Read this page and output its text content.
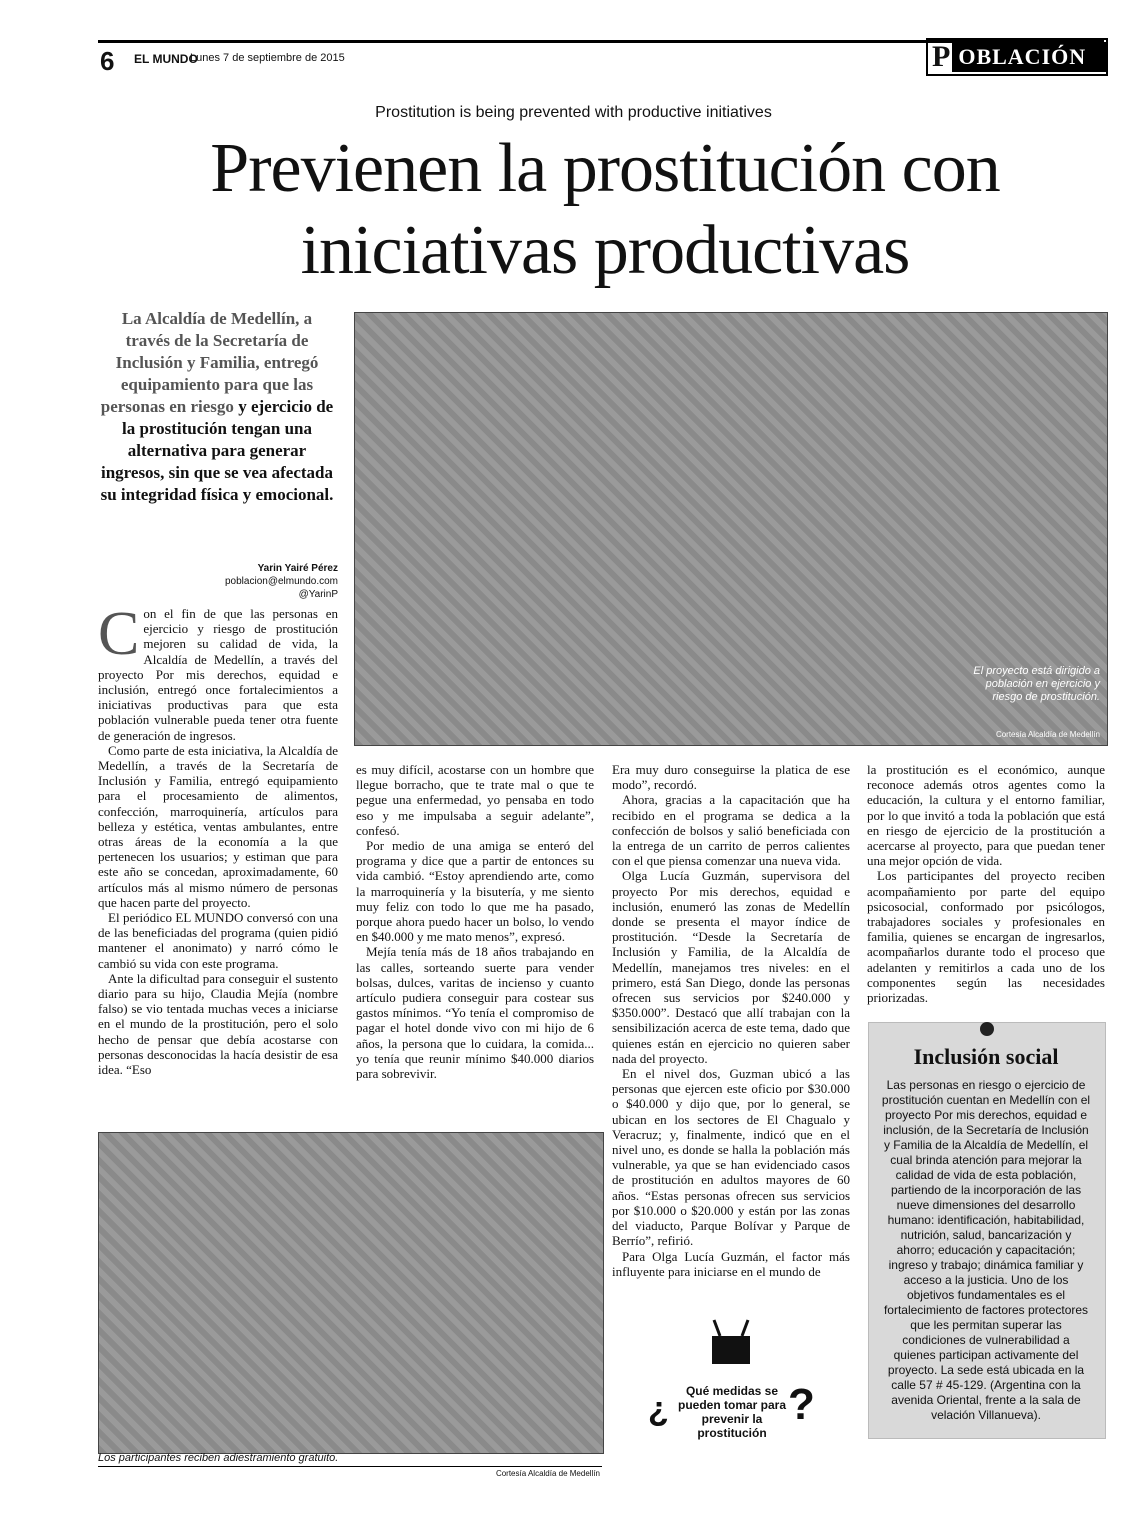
6 EL MUNDO
Lunes 7 de septiembre de 2015	P OBLACIÓN
Prostitution is being prevented with productive initiatives
Previenen la prostitución con iniciativas productivas
La Alcaldía de Medellín, a través de la Secretaría de Inclusión y Familia, entregó equipamiento para que las personas en riesgo y ejercicio de la prostitución tengan una alternativa para generar ingresos, sin que se vea afectada su integridad física y emocional.
Yarin Yairé Pérez
poblacion@elmundo.com
@YarinP
El proyecto está dirigido a población en ejercicio y riesgo de prostitución.
Cortesía Alcaldía de Medellín
C on el fin de que las personas en ejercicio y riesgo de prostitución mejoren su calidad de vida, la Alcaldía de Medellín, a través del proyecto Por mis derechos, equidad e inclusión, entregó once fortalecimientos a iniciativas productivas para que esta población vulnerable pueda tener otra fuente de generación de ingresos.

Como parte de esta iniciativa, la Alcaldía de Medellín, a través de la Secretaría de Inclusión y Familia, entregó equipamiento para el procesamiento de alimentos, confección, marroquinería, artículos para belleza y estética, ventas ambulantes, entre otras áreas de la economía a la que pertenecen los usuarios; y estiman que para este año se concedan, aproximadamente, 60 artículos más al mismo número de personas que hacen parte del proyecto.

El periódico EL MUNDO conversó con una de las beneficiadas del programa (quien pidió mantener el anonimato) y narró cómo le cambió su vida con este programa.

Ante la dificultad para conseguir el sustento diario para su hijo, Claudia Mejía (nombre falso) se vio tentada muchas veces a iniciarse en el mundo de la prostitución, pero el solo hecho de pensar que debía acostarse con personas desconocidas la hacía desistir de esa idea. “Eso

es muy difícil, acostarse con un hombre que llegue borracho, que te trate mal o que te pegue una enfermedad, yo pensaba en todo eso y me impulsaba a seguir adelante”, confesó.

Por medio de una amiga se enteró del programa y dice que a partir de entonces su vida cambió. “Estoy aprendiendo arte, como la marroquinería y la bisutería, y me siento muy feliz con todo lo que me ha pasado, porque ahora puedo hacer un bolso, lo vendo en $40.000 y me mato menos”, expresó.

Mejía tenía más de 18 años trabajando en las calles, sorteando suerte para vender bolsas, dulces, varitas de incienso y cuanto artículo pudiera conseguir para costear sus gastos mínimos. “Yo tenía el compromiso de pagar el hotel donde vivo con mi hijo de 6 años, la persona que lo cuidara, la comida... yo tenía que reunir mínimo $40.000 diarios para sobrevivir.

Era muy duro conseguirse la platica de ese modo”, recordó.

Ahora, gracias a la capacitación que ha recibido en el programa se dedica a la confección de bolsos y salió beneficiada con la entrega de un carrito de perros calientes con el que piensa comenzar una nueva vida.

Olga Lucía Guzmán, supervisora del proyecto Por mis derechos, equidad e inclusión, enumeró las zonas de Medellín donde se presenta el mayor índice de prostitución. “Desde la Secretaría de Inclusión y Familia, de la Alcaldía de Medellín, manejamos tres niveles: en el primero, está San Diego, donde las personas ofrecen sus servicios por $240.000 y $350.000”. Destacó que allí trabajan con la sensibilización acerca de este tema, dado que quienes están en ejercicio no quieren saber nada del proyecto.

En el nivel dos, Guzman ubicó a las personas que ejercen este oficio por $30.000 o $40.000 y dijo que, por lo general, se ubican en los sectores de El Chagualo y Veracruz; y, finalmente, indicó que en el nivel uno, es donde se halla la población más vulnerable, ya que se han evidenciado casos de prostitución en adultos mayores de 60 años. “Estas personas ofrecen sus servicios por $10.000 o $20.000 y están por las zonas del viaducto, Parque Bolívar y Parque de Berrío”, refirió.

Para Olga Lucía Guzmán, el factor más influyente para iniciarse en el mundo de

la prostitución es el económico, aunque reconoce además otros agentes como la educación, la cultura y el entorno familiar, por lo que invitó a toda la población que está en riesgo de ejercicio de la prostitución a acercarse al proyecto, para que puedan tener una mejor opción de vida.

Los participantes del proyecto reciben acompañamiento por parte del equipo psicosocial, conformado por psicólogos, trabajadores sociales y profesionales en familia, quienes se encargan de ingresarlos, acompañarlos durante todo el proceso que adelanten y remitirlos a cada uno de los componentes según las necesidades priorizadas.

Los participantes reciben adiestramiento gratuito.
Cortesía Alcaldía de Medellín
¿	Qué medidas se pueden tomar para prevenir la prostitución
?
Inclusión social
Las personas en riesgo o ejercicio de prostitución cuentan en Medellín con el proyecto Por mis derechos, equidad e inclusión, de la Secretaría de Inclusión y Familia de la Alcaldía de Medellín, el cual brinda atención para mejorar la calidad de vida de esta población, partiendo de la incorporación de las nueve dimensiones del desarrollo humano: identificación, habitabilidad, nutrición, salud, bancarización y ahorro; educación y capacitación; ingreso y trabajo; dinámica familiar y acceso a la justicia. Uno de los objetivos fundamentales es el fortalecimiento de factores protectores que les permitan superar las condiciones de vulnerabilidad a quienes participan activamente del proyecto. La sede está ubicada en la calle 57 # 45-129. (Argentina con la avenida Oriental, frente a la sala de velación Villanueva).
